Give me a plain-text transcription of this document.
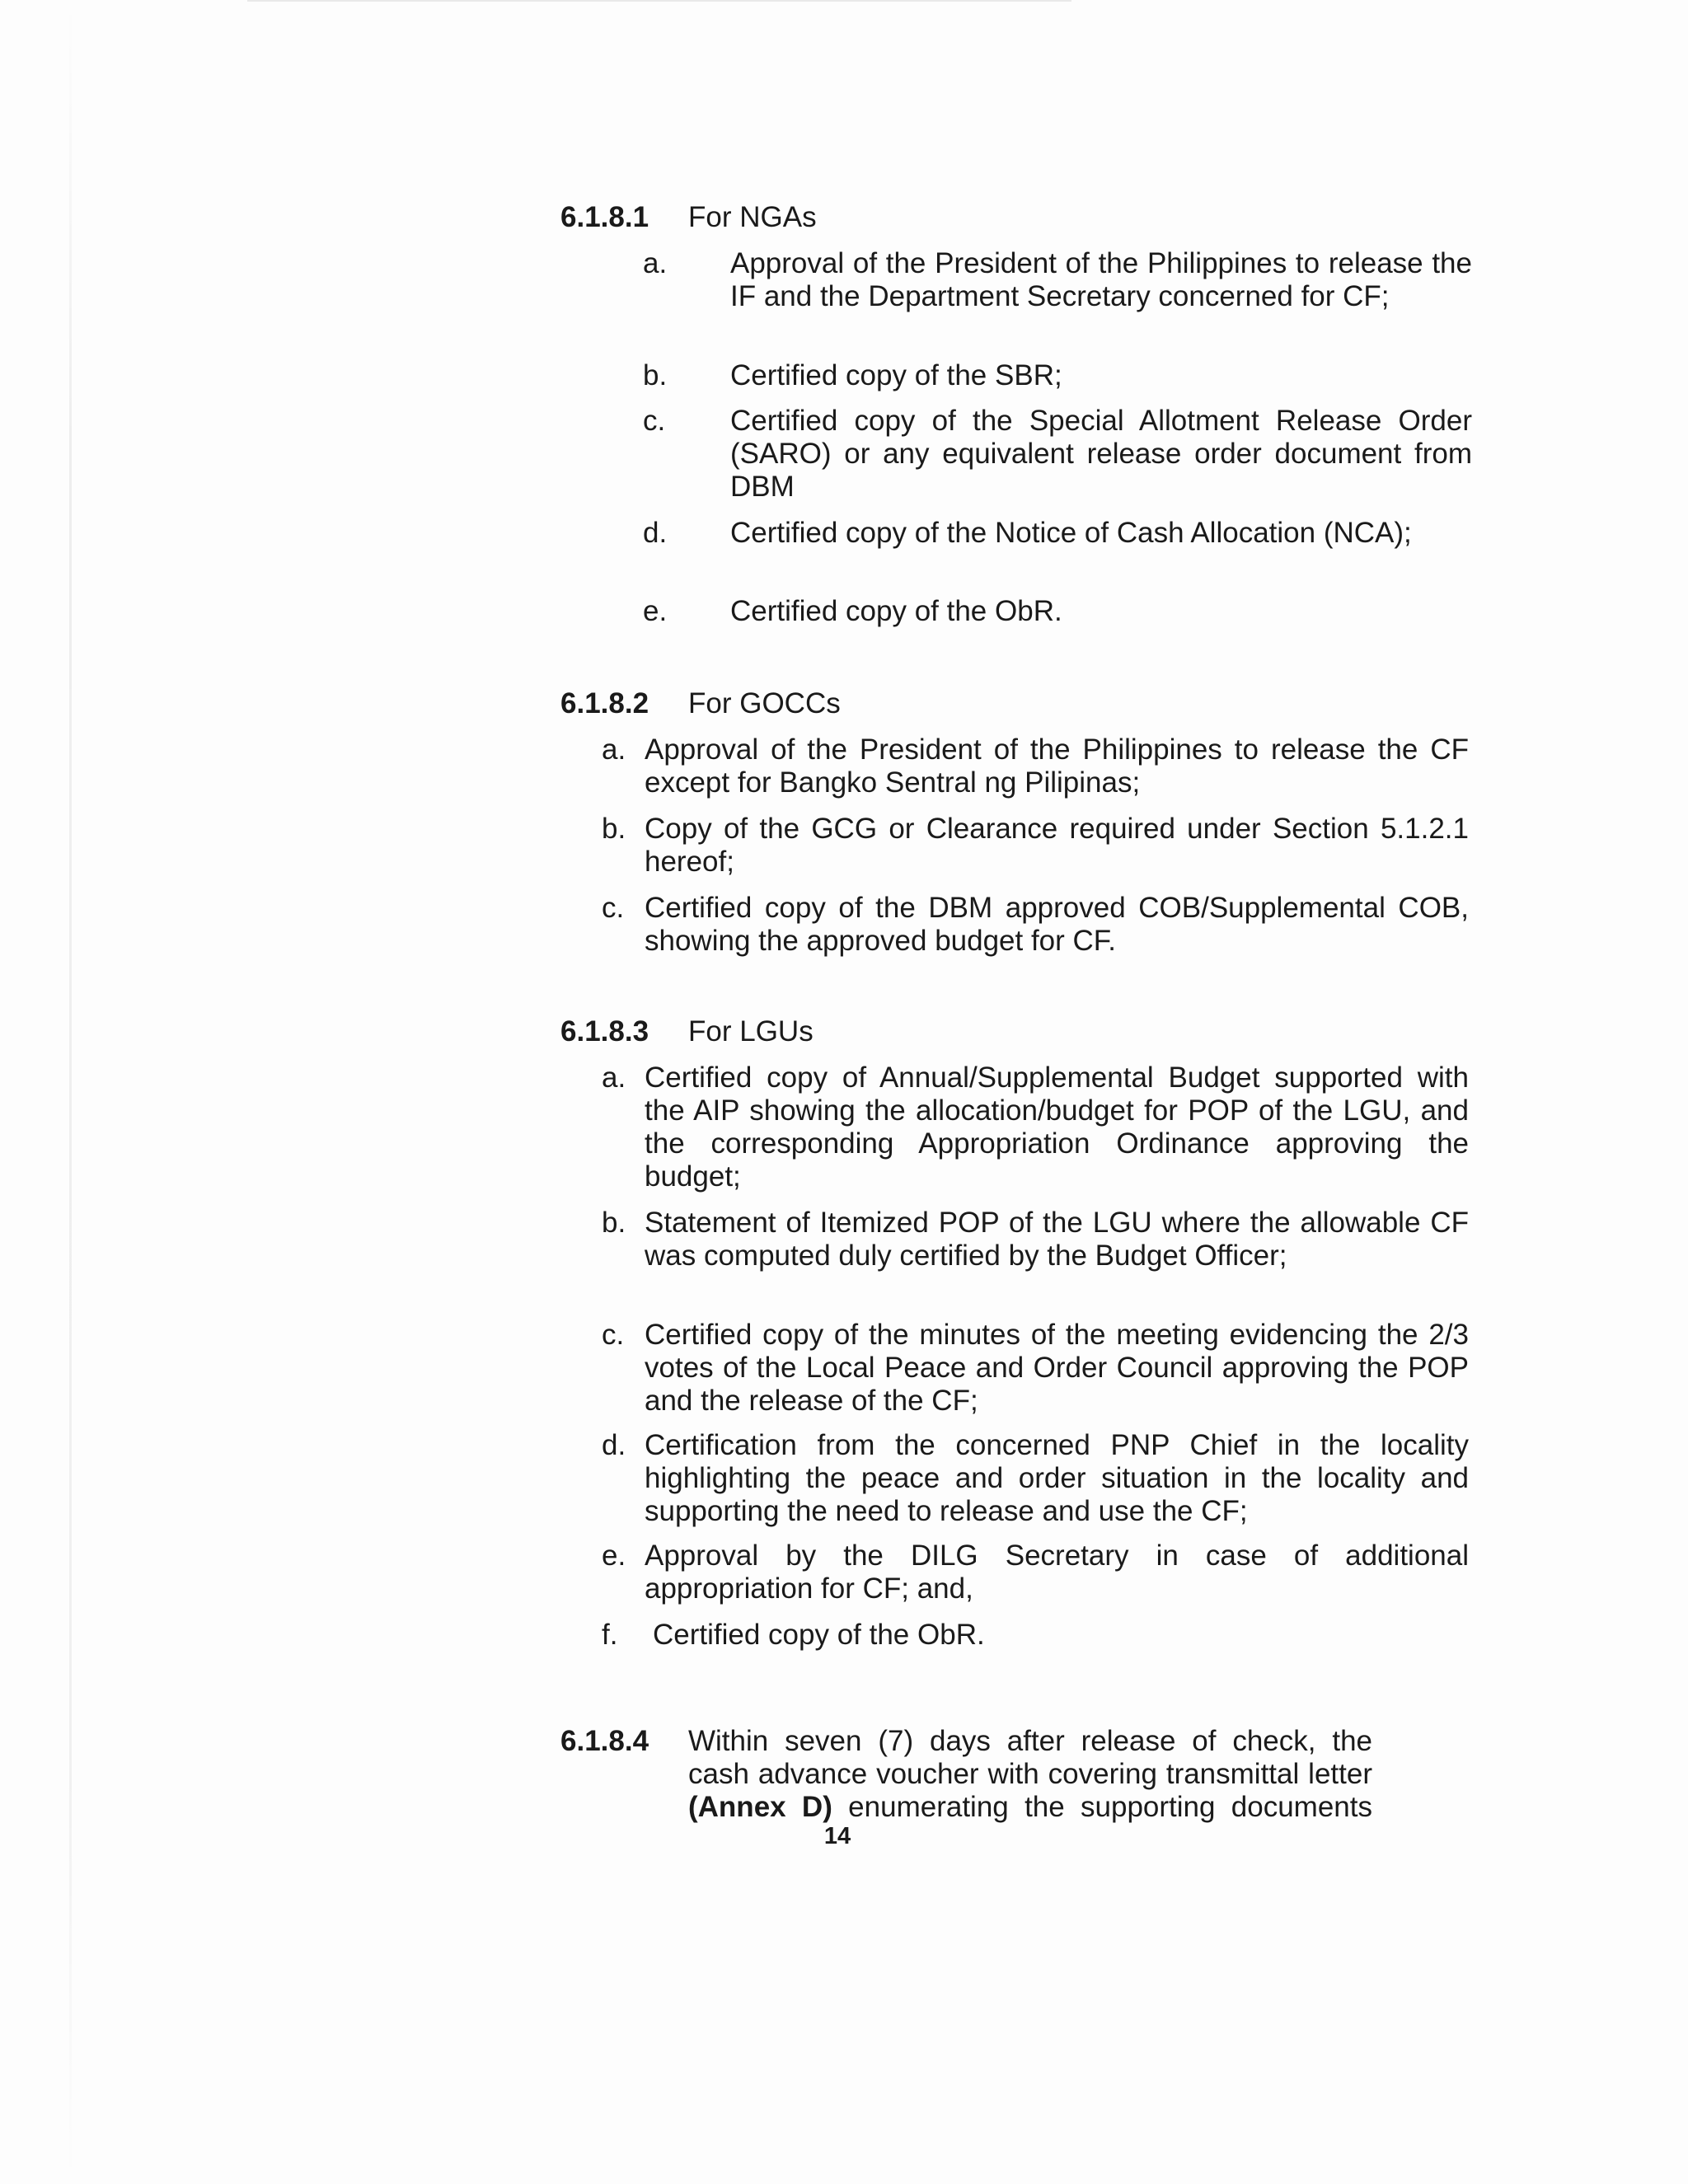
6.1.8.1	For NGAs
a.	Approval of the President of the Philippines to release the IF and the Department Secretary concerned for CF;
b.	Certified copy of the SBR;
c.	Certified copy of the Special Allotment Release Order (SARO) or any equivalent release order document from DBM
d.	Certified copy of the Notice of Cash Allocation (NCA);
e.	Certified copy of the ObR.
6.1.8.2	For GOCCs
a. Approval of the President of the Philippines to release the CF except for Bangko Sentral ng Pilipinas;
b. Copy of the GCG or Clearance required under Section 5.1.2.1 hereof;
c. Certified copy of the DBM approved COB/Supplemental COB, showing the approved budget for CF.
6.1.8.3	For LGUs
a. Certified copy of Annual/Supplemental Budget supported with the AIP showing the allocation/budget for POP of the LGU, and the corresponding Appropriation Ordinance approving the budget;
b. Statement of Itemized POP of the LGU where the allowable CF was computed duly certified by the Budget Officer;
c. Certified copy of the minutes of the meeting evidencing the 2/3 votes of the Local Peace and Order Council approving the POP and the release of the CF;
d. Certification from the concerned PNP Chief in the locality highlighting the peace and order situation in the locality and supporting the need to release and use the CF;
e. Approval by the DILG Secretary in case of additional appropriation for CF; and,
f.	Certified copy of the ObR.
6.1.8.4	Within seven (7) days after release of check, the cash advance voucher with covering transmittal letter (Annex D) enumerating the supporting documents
14
